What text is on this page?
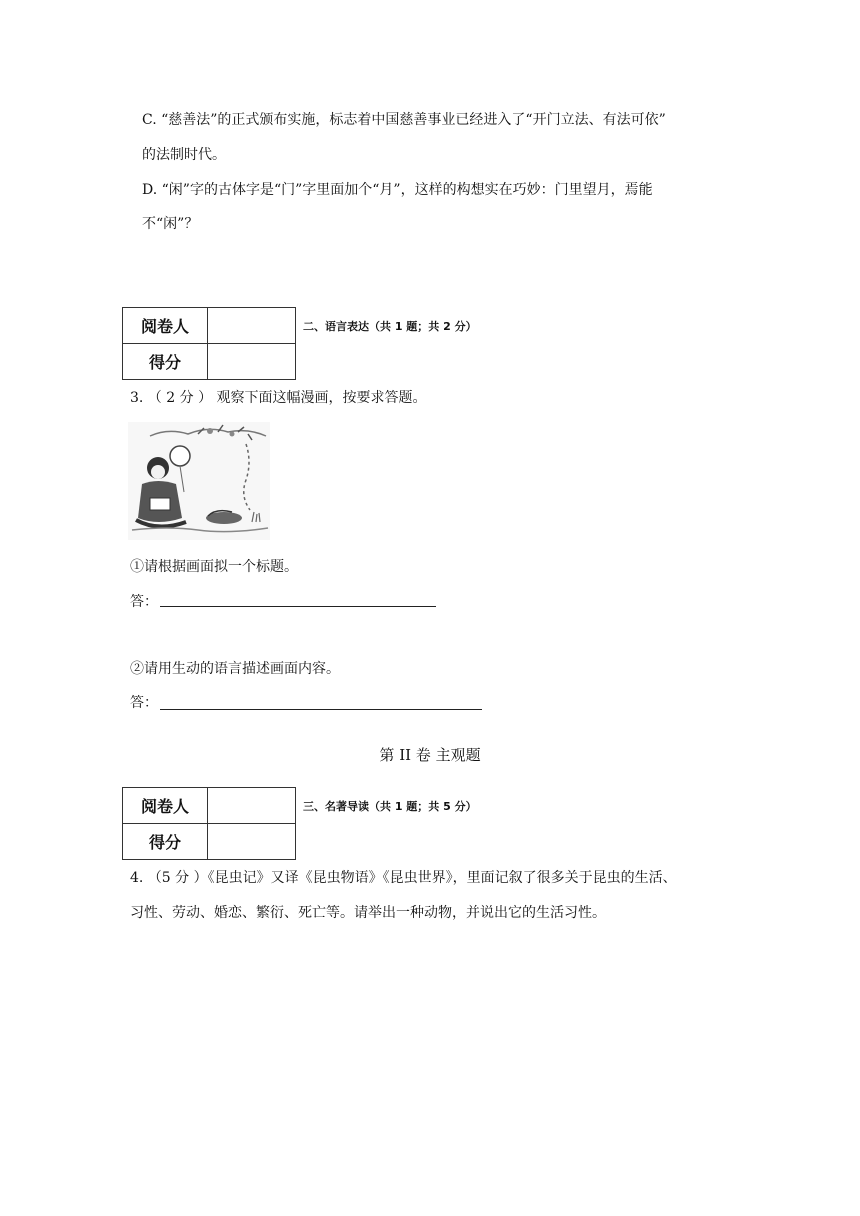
C. “慈善法”的正式颁布实施，标志着中国慈善事业已经进入了“开门立法、有法可依”
的法制时代。
D. “闲”字的古体字是“门”字里面加个“月”，这样的构想实在巧妙：门里望月，焉能
不“闲”？
阅卷人	
得分	
二、语言表达（共 1 题；共 2 分）
3. （ 2 分 ） 观察下面这幅漫画，按要求答题。
①请根据画面拟一个标题。
答：
②请用生动的语言描述画面内容。
答：
第 II 卷 主观题
阅卷人	
得分	
三、名著导读（共 1 题；共 5 分）
4. （5 分 ）《昆虫记》又译《昆虫物语》《昆虫世界》，里面记叙了很多关于昆虫的生活、
习性、劳动、婚恋、繁衍、死亡等。请举出一种动物，并说出它的生活习性。
